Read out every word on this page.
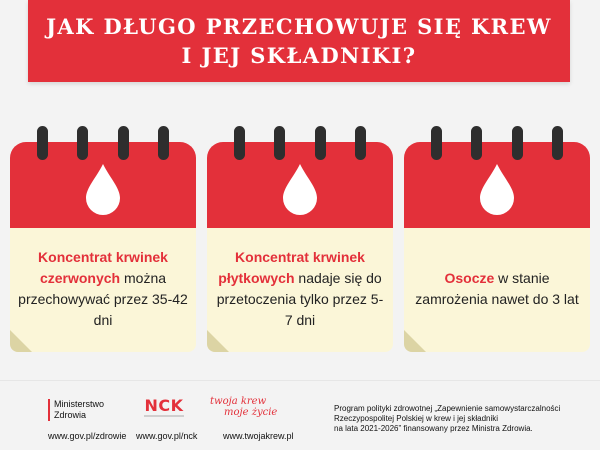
JAK DŁUGO PRZECHOWUJE SIĘ KREW
I JEJ SKŁADNIKI?
Koncentrat krwinek czerwonych można przechowywać przez 35-42 dni
Koncentrat krwinek płytkowych nadaje się do przetoczenia tylko przez 5-7 dni
Osocze w stanie zamrożenia nawet do 3 lat
Ministerstwo
Zdrowia
www.gov.pl/zdrowie
NCK
www.gov.pl/nck
twoja krew
moje życie
www.twojakrew.pl
Program polityki zdrowotnej „Zapewnienie samowystarczalności
Rzeczypospolitej Polskiej w krew i jej składniki
na lata 2021-2026” finansowany przez Ministra Zdrowia.
